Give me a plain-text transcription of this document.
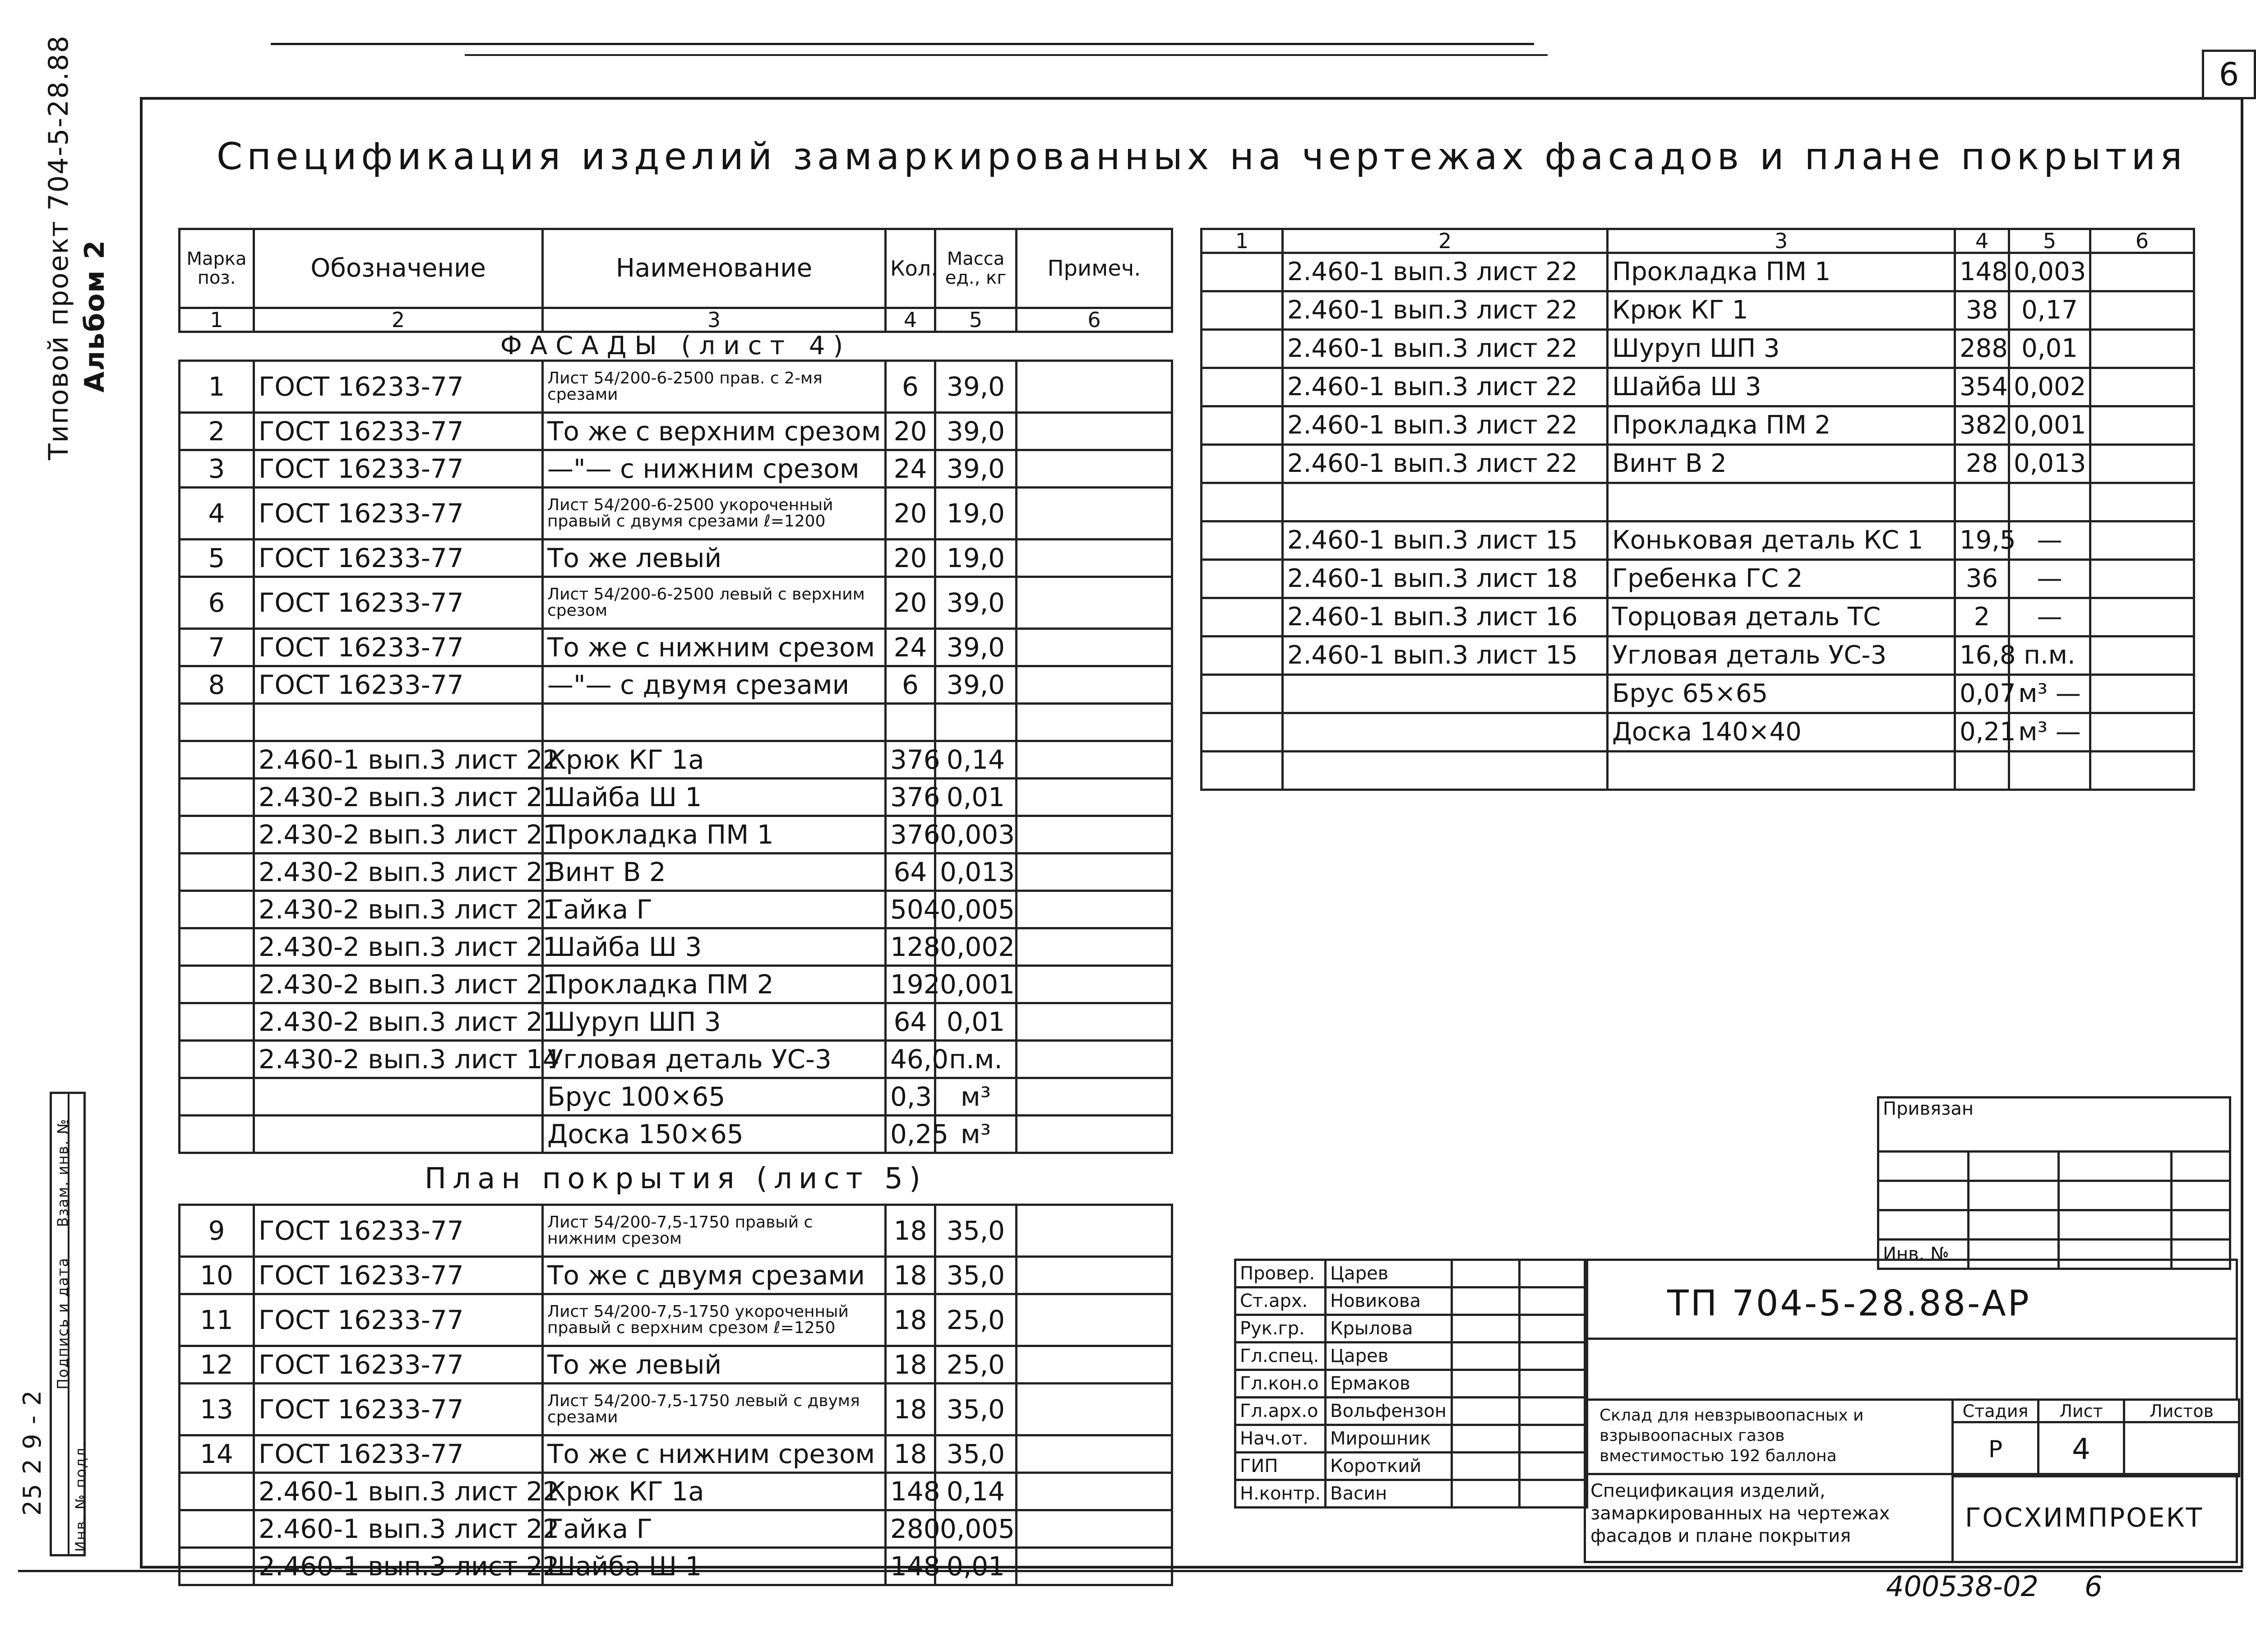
6
Типовой проект 704-5-28.88 Альбом 2
Взам. инв. №
Подпись и дата
Инв. № подл.
25 2 9 - 2
Спецификация изделий замаркированных на чертежах фасадов и плане покрытия
Марка поз.	Обозначение	Наименование	Кол.	Масса ед., кг	Примеч.
1	2	3	4	5	6
ФАСАДЫ (лист 4)					
1	ГОСТ 16233-77	Лист 54/200-6-2500 прав. с 2-мя срезами	6	39,0	
2	ГОСТ 16233-77	То же с верхним срезом	20	39,0	
3	ГОСТ 16233-77	—"— с нижним срезом	24	39,0	
4	ГОСТ 16233-77	Лист 54/200-6-2500 укороченный правый с двумя срезами ℓ=1200	20	19,0	
5	ГОСТ 16233-77	То же левый	20	19,0	
6	ГОСТ 16233-77	Лист 54/200-6-2500 левый с верхним срезом	20	39,0	
7	ГОСТ 16233-77	То же с нижним срезом	24	39,0	
8	ГОСТ 16233-77	—"— с двумя срезами	6	39,0	

	2.460-1 вып.3 лист 22	Крюк КГ 1а	376	0,14	
	2.430-2 вып.3 лист 21	Шайба Ш 1	376	0,01	
	2.430-2 вып.3 лист 21	Прокладка ПМ 1	376	0,003	
	2.430-2 вып.3 лист 21	Винт В 2	64	0,013	
	2.430-2 вып.3 лист 21	Гайка Г	504	0,005	
	2.430-2 вып.3 лист 21	Шайба Ш 3	128	0,002	
	2.430-2 вып.3 лист 21	Прокладка ПМ 2	192	0,001	
	2.430-2 вып.3 лист 21	Шуруп ШП 3	64	0,01	
	2.430-2 вып.3 лист 14	Угловая деталь УС-3	46,0	п.м.	
		Брус 100×65	0,3	м³	
		Доска 150×65	0,25	м³	
План покрытия (лист 5)					
9	ГОСТ 16233-77	Лист 54/200-7,5-1750 правый с нижним срезом	18	35,0	
10	ГОСТ 16233-77	То же с двумя срезами	18	35,0	
11	ГОСТ 16233-77	Лист 54/200-7,5-1750 укороченный правый с верхним срезом ℓ=1250	18	25,0	
12	ГОСТ 16233-77	То же левый	18	25,0	
13	ГОСТ 16233-77	Лист 54/200-7,5-1750 левый с двумя срезами	18	35,0	
14	ГОСТ 16233-77	То же с нижним срезом	18	35,0	
	2.460-1 вып.3 лист 22	Крюк КГ 1а	148	0,14	
	2.460-1 вып.3 лист 22	Гайка Г	280	0,005	
	2.460-1 вып.3 лист 22	Шайба Ш 1	148	0,01	
1	2	3	4	5	6
	2.460-1 вып.3 лист 22	Прокладка ПМ 1	148	0,003	
	2.460-1 вып.3 лист 22	Крюк КГ 1	38	0,17	
	2.460-1 вып.3 лист 22	Шуруп ШП 3	288	0,01	
	2.460-1 вып.3 лист 22	Шайба Ш 3	354	0,002	
	2.460-1 вып.3 лист 22	Прокладка ПМ 2	382	0,001	
	2.460-1 вып.3 лист 22	Винт В 2	28	0,013	

	2.460-1 вып.3 лист 15	Коньковая деталь КС 1	19,5	—	
	2.460-1 вып.3 лист 18	Гребенка ГС 2	36	—	
	2.460-1 вып.3 лист 16	Торцовая деталь ТС	2	—	
	2.460-1 вып.3 лист 15	Угловая деталь УС-3	16,8	п.м.	
		Брус 65×65	0,07	м³ —	
		Доска 140×40	0,21	м³ —	

Привязан			

Инв. №			
Провер.	Царев		
Ст.арх.	Новикова		
Рук.гр.	Крылова		
Гл.спец.	Царев		
Гл.кон.о	Ермаков		
Гл.арх.о	Вольфензон		
Нач.от.	Мирошник		
ГИП	Короткий		
Н.контр.	Васин		
ТП 704-5-28.88-АР
Склад для невзрывоопасных и взрывоопасных газов вместимостью 192 баллона
Стадия	Лист	Листов
Р	4	
Спецификация изделий, замаркированных на чертежах фасадов и плане покрытия
ГОСХИМПРОЕКТ
400538-02 6
